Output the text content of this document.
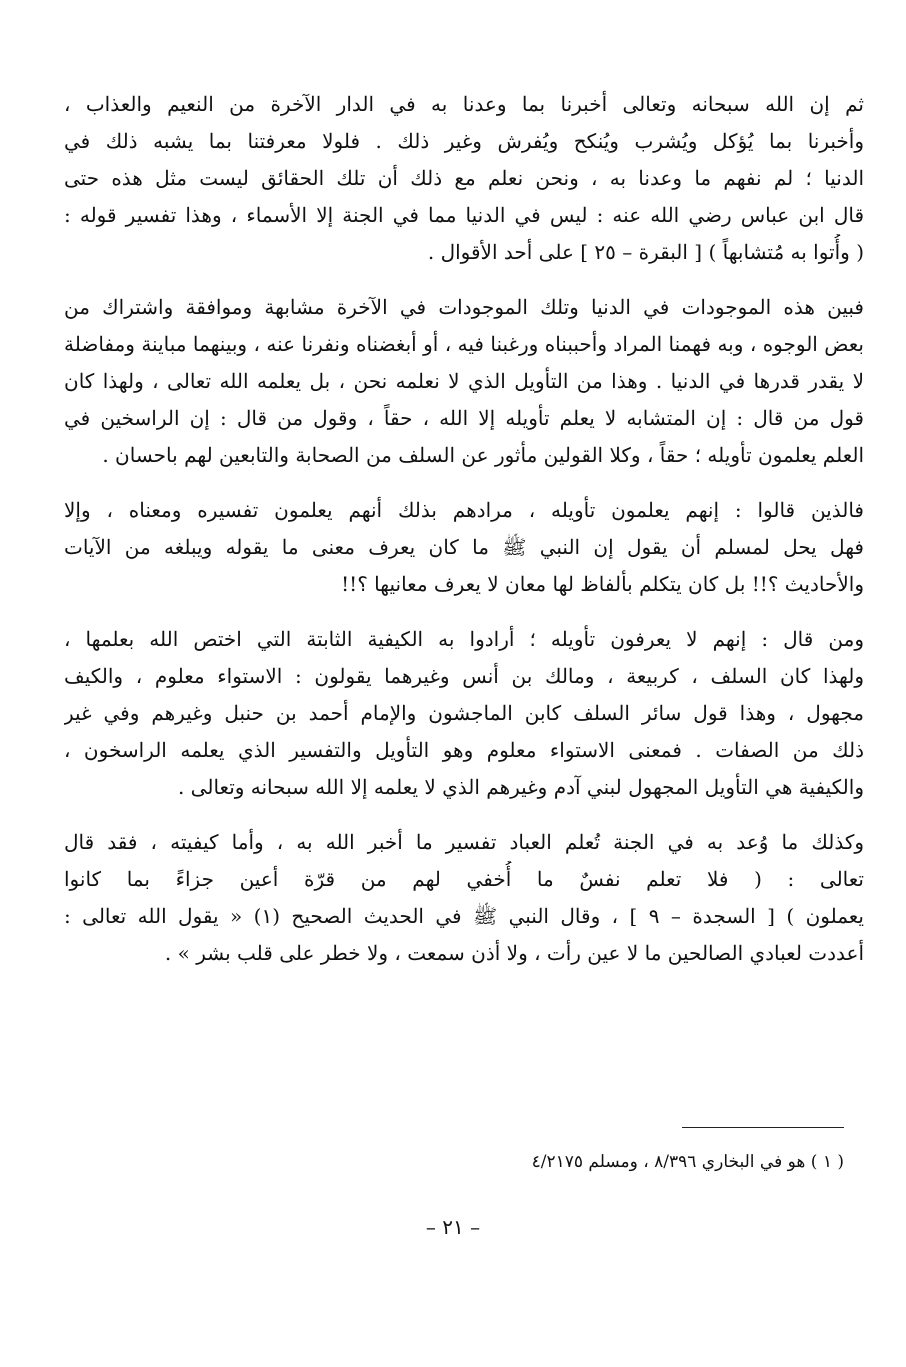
ثم إن الله سبحانه وتعالى أخبرنا بما وعدنا به في الدار الآخرة من النعيم والعذاب ،
وأخبرنا بما يُؤكل ويُشرب ويُنكح ويُفرش وغير ذلك . فلولا معرفتنا بما يشبه ذلك في
الدنيا ؛ لم نفهم ما وعدنا به ، ونحن نعلم مع ذلك أن تلك الحقائق ليست مثل هذه حتى
قال ابن عباس رضي الله عنه : ليس في الدنيا مما في الجنة إلا الأسماء ، وهذا تفسير قوله :
( وأُتوا به مُتشابهاً ) [ البقرة – ٢٥ ] على أحد الأقوال .
فبين هذه الموجودات في الدنيا وتلك الموجودات في الآخرة مشابهة وموافقة واشتراك من
بعض الوجوه ، وبه فهمنا المراد وأحببناه ورغبنا فيه ، أو أبغضناه ونفرنا عنه ، وبينهما مباينة ومفاضلة
لا يقدر قدرها في الدنيا . وهذا من التأويل الذي لا نعلمه نحن ، بل يعلمه الله تعالى ، ولهذا كان
قول من قال : إن المتشابه لا يعلم تأويله إلا الله ، حقاً ، وقول من قال : إن الراسخين في
العلم يعلمون تأويله ؛ حقاً ، وكلا القولين مأثور عن السلف من الصحابة والتابعين لهم باحسان .
فالذين قالوا : إنهم يعلمون تأويله ، مرادهم بذلك أنهم يعلمون تفسيره ومعناه ، وإلا
فهل يحل لمسلم أن يقول إن النبي ﷺ ما كان يعرف معنى ما يقوله ويبلغه من الآيات
والأحاديث ؟!! بل كان يتكلم بألفاظ لها معان لا يعرف معانيها ؟!!
ومن قال : إنهم لا يعرفون تأويله ؛ أرادوا به الكيفية الثابتة التي اختص الله بعلمها ،
ولهذا كان السلف ، كربيعة ، ومالك بن أنس وغيرهما يقولون : الاستواء معلوم ، والكيف
مجهول ، وهذا قول سائر السلف كابن الماجشون والإمام أحمد بن حنبل وغيرهم وفي غير
ذلك من الصفات . فمعنى الاستواء معلوم وهو التأويل والتفسير الذي يعلمه الراسخون ،
والكيفية هي التأويل المجهول لبني آدم وغيرهم الذي لا يعلمه إلا الله سبحانه وتعالى .
وكذلك ما وُعد به في الجنة تُعلم العباد تفسير ما أخبر الله به ، وأما كيفيته ، فقد قال
تعالى : ( فلا تعلم نفسٌ ما أُخفي لهم من قرّة أعين جزاءً بما كانوا
يعملون ) [ السجدة – ٩ ] ، وقال النبي ﷺ في الحديث الصحيح (١) « يقول الله تعالى :
أعددت لعبادي الصالحين ما لا عين رأت ، ولا أذن سمعت ، ولا خطر على قلب بشر » .
( ١ ) هو في البخاري ٨/٣٩٦ ، ومسلم ٤/٢١٧٥
– ٢١ –
